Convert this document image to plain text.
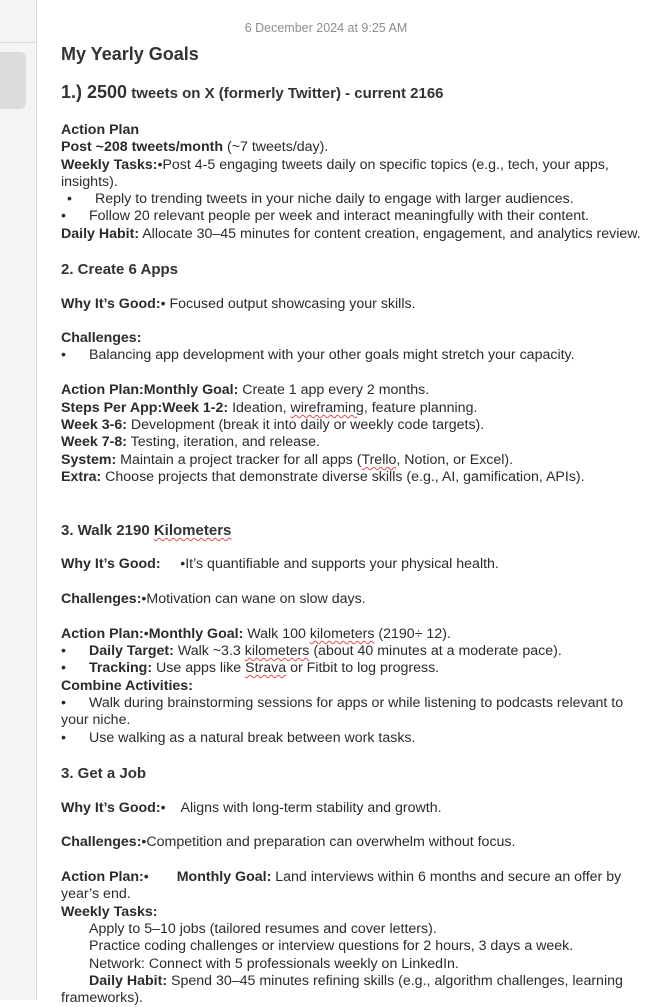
6 December 2024 at 9:25 AM
My Yearly Goals
1.) 2500 tweets on X (formerly Twitter) - current 2166
Action Plan
Post ~208 tweets/month (~7 tweets/day).
Weekly Tasks:•Post 4-5 engaging tweets daily on specific topics (e.g., tech, your apps,
insights).
• Reply to trending tweets in your niche daily to engage with larger audiences.
• Follow 20 relevant people per week and interact meaningfully with their content.
Daily Habit: Allocate 30–45 minutes for content creation, engagement, and analytics review.
2. Create 6 Apps
Why It’s Good:• Focused output showcasing your skills.
Challenges:
• Balancing app development with your other goals might stretch your capacity.
Action Plan:Monthly Goal: Create 1 app every 2 months.
Steps Per App:Week 1-2: Ideation, wireframing, feature planning.
Week 3-6: Development (break it into daily or weekly code targets).
Week 7-8: Testing, iteration, and release.
System: Maintain a project tracker for all apps (Trello, Notion, or Excel).
Extra: Choose projects that demonstrate diverse skills (e.g., AI, gamification, APIs).
3. Walk 2190 Kilometers
Why It’s Good:     •It’s quantifiable and supports your physical health.
Challenges:•Motivation can wane on slow days.
Action Plan:•Monthly Goal: Walk 100 kilometers (2190÷ 12).
• Daily Target: Walk ~3.3 kilometers (about 40 minutes at a moderate pace).
• Tracking: Use apps like Strava or Fitbit to log progress.
Combine Activities:
• Walk during brainstorming sessions for apps or while listening to podcasts relevant to
your niche.
• Use walking as a natural break between work tasks.
3. Get a Job
Why It’s Good:•    Aligns with long-term stability and growth.
Challenges:•Competition and preparation can overwhelm without focus.
Action Plan:• Monthly Goal: Land interviews within 6 months and secure an offer by
year’s end.
Weekly Tasks:
Apply to 5–10 jobs (tailored resumes and cover letters).
Practice coding challenges or interview questions for 2 hours, 3 days a week.
Network: Connect with 5 professionals weekly on LinkedIn.
Daily Habit: Spend 30–45 minutes refining skills (e.g., algorithm challenges, learning
frameworks).
